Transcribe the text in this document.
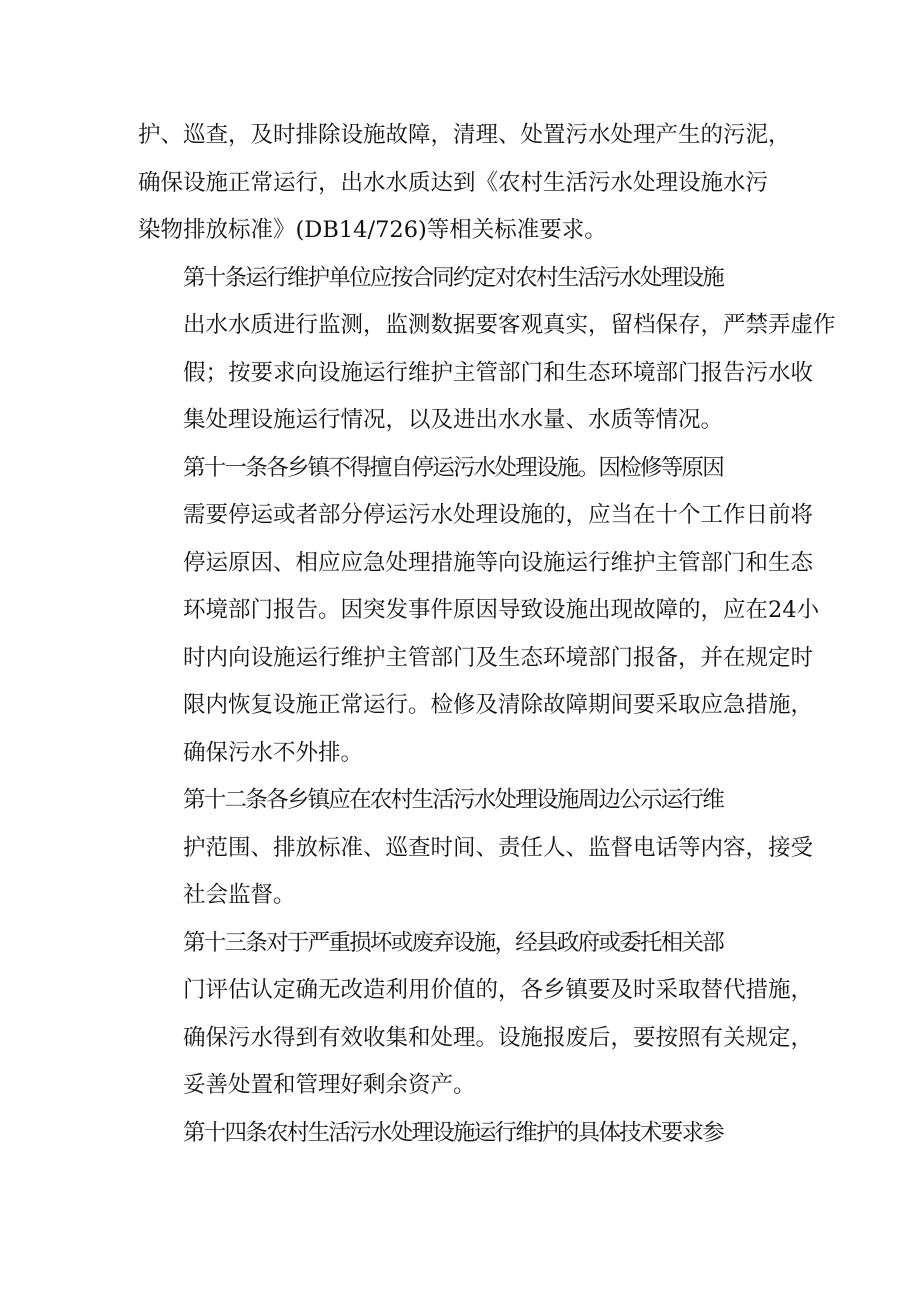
护、巡查，及时排除设施故障，清理、处置污水处理产生的污泥，
确保设施正常运行，出水水质达到《农村生活污水处理设施水污
染物排放标准》(DB14/726)等相关标准要求。
第十条运行维护单位应按合同约定对农村生活污水处理设施
出水水质进行监测，监测数据要客观真实，留档保存，严禁弄虚作
假；按要求向设施运行维护主管部门和生态环境部门报告污水收
集处理设施运行情况，以及进出水水量、水质等情况。
第十一条各乡镇不得擅自停运污水处理设施。因检修等原因
需要停运或者部分停运污水处理设施的，应当在十个工作日前将
停运原因、相应应急处理措施等向设施运行维护主管部门和生态
环境部门报告。因突发事件原因导致设施出现故障的，应在24小
时内向设施运行维护主管部门及生态环境部门报备，并在规定时
限内恢复设施正常运行。检修及清除故障期间要采取应急措施，
确保污水不外排。
第十二条各乡镇应在农村生活污水处理设施周边公示运行维
护范围、排放标准、巡查时间、责任人、监督电话等内容，接受
社会监督。
第十三条对于严重损坏或废弃设施，经县政府或委托相关部
门评估认定确无改造利用价值的，各乡镇要及时采取替代措施，
确保污水得到有效收集和处理。设施报废后，要按照有关规定，
妥善处置和管理好剩余资产。
第十四条农村生活污水处理设施运行维护的具体技术要求参
